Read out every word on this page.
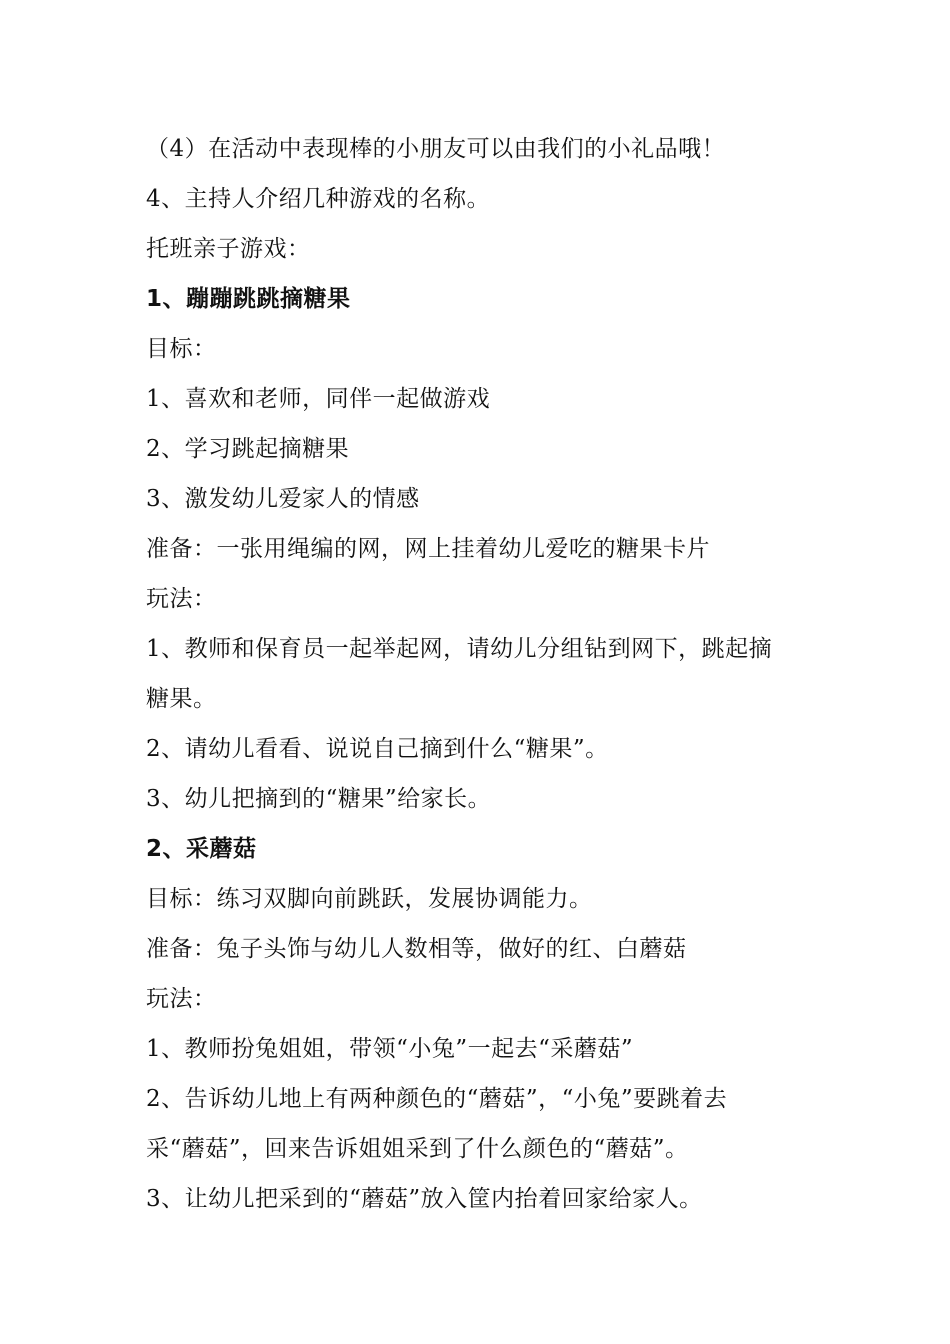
（4）在活动中表现棒的小朋友可以由我们的小礼品哦！
4、主持人介绍几种游戏的名称。
托班亲子游戏：
1、蹦蹦跳跳摘糖果
目标：
1、喜欢和老师，同伴一起做游戏
2、学习跳起摘糖果
3、激发幼儿爱家人的情感
准备：一张用绳编的网，网上挂着幼儿爱吃的糖果卡片
玩法：
1、教师和保育员一起举起网，请幼儿分组钻到网下，跳起摘
糖果。
2、请幼儿看看、说说自己摘到什么“糖果”。
3、幼儿把摘到的“糖果”给家长。
2、采蘑菇
目标：练习双脚向前跳跃，发展协调能力。
准备：兔子头饰与幼儿人数相等，做好的红、白蘑菇
玩法：
1、教师扮兔姐姐，带领“小兔”一起去“采蘑菇”
2、告诉幼儿地上有两种颜色的“蘑菇”，“小兔”要跳着去
采“蘑菇”，回来告诉姐姐采到了什么颜色的“蘑菇”。
3、让幼儿把采到的“蘑菇”放入筐内抬着回家给家人。
